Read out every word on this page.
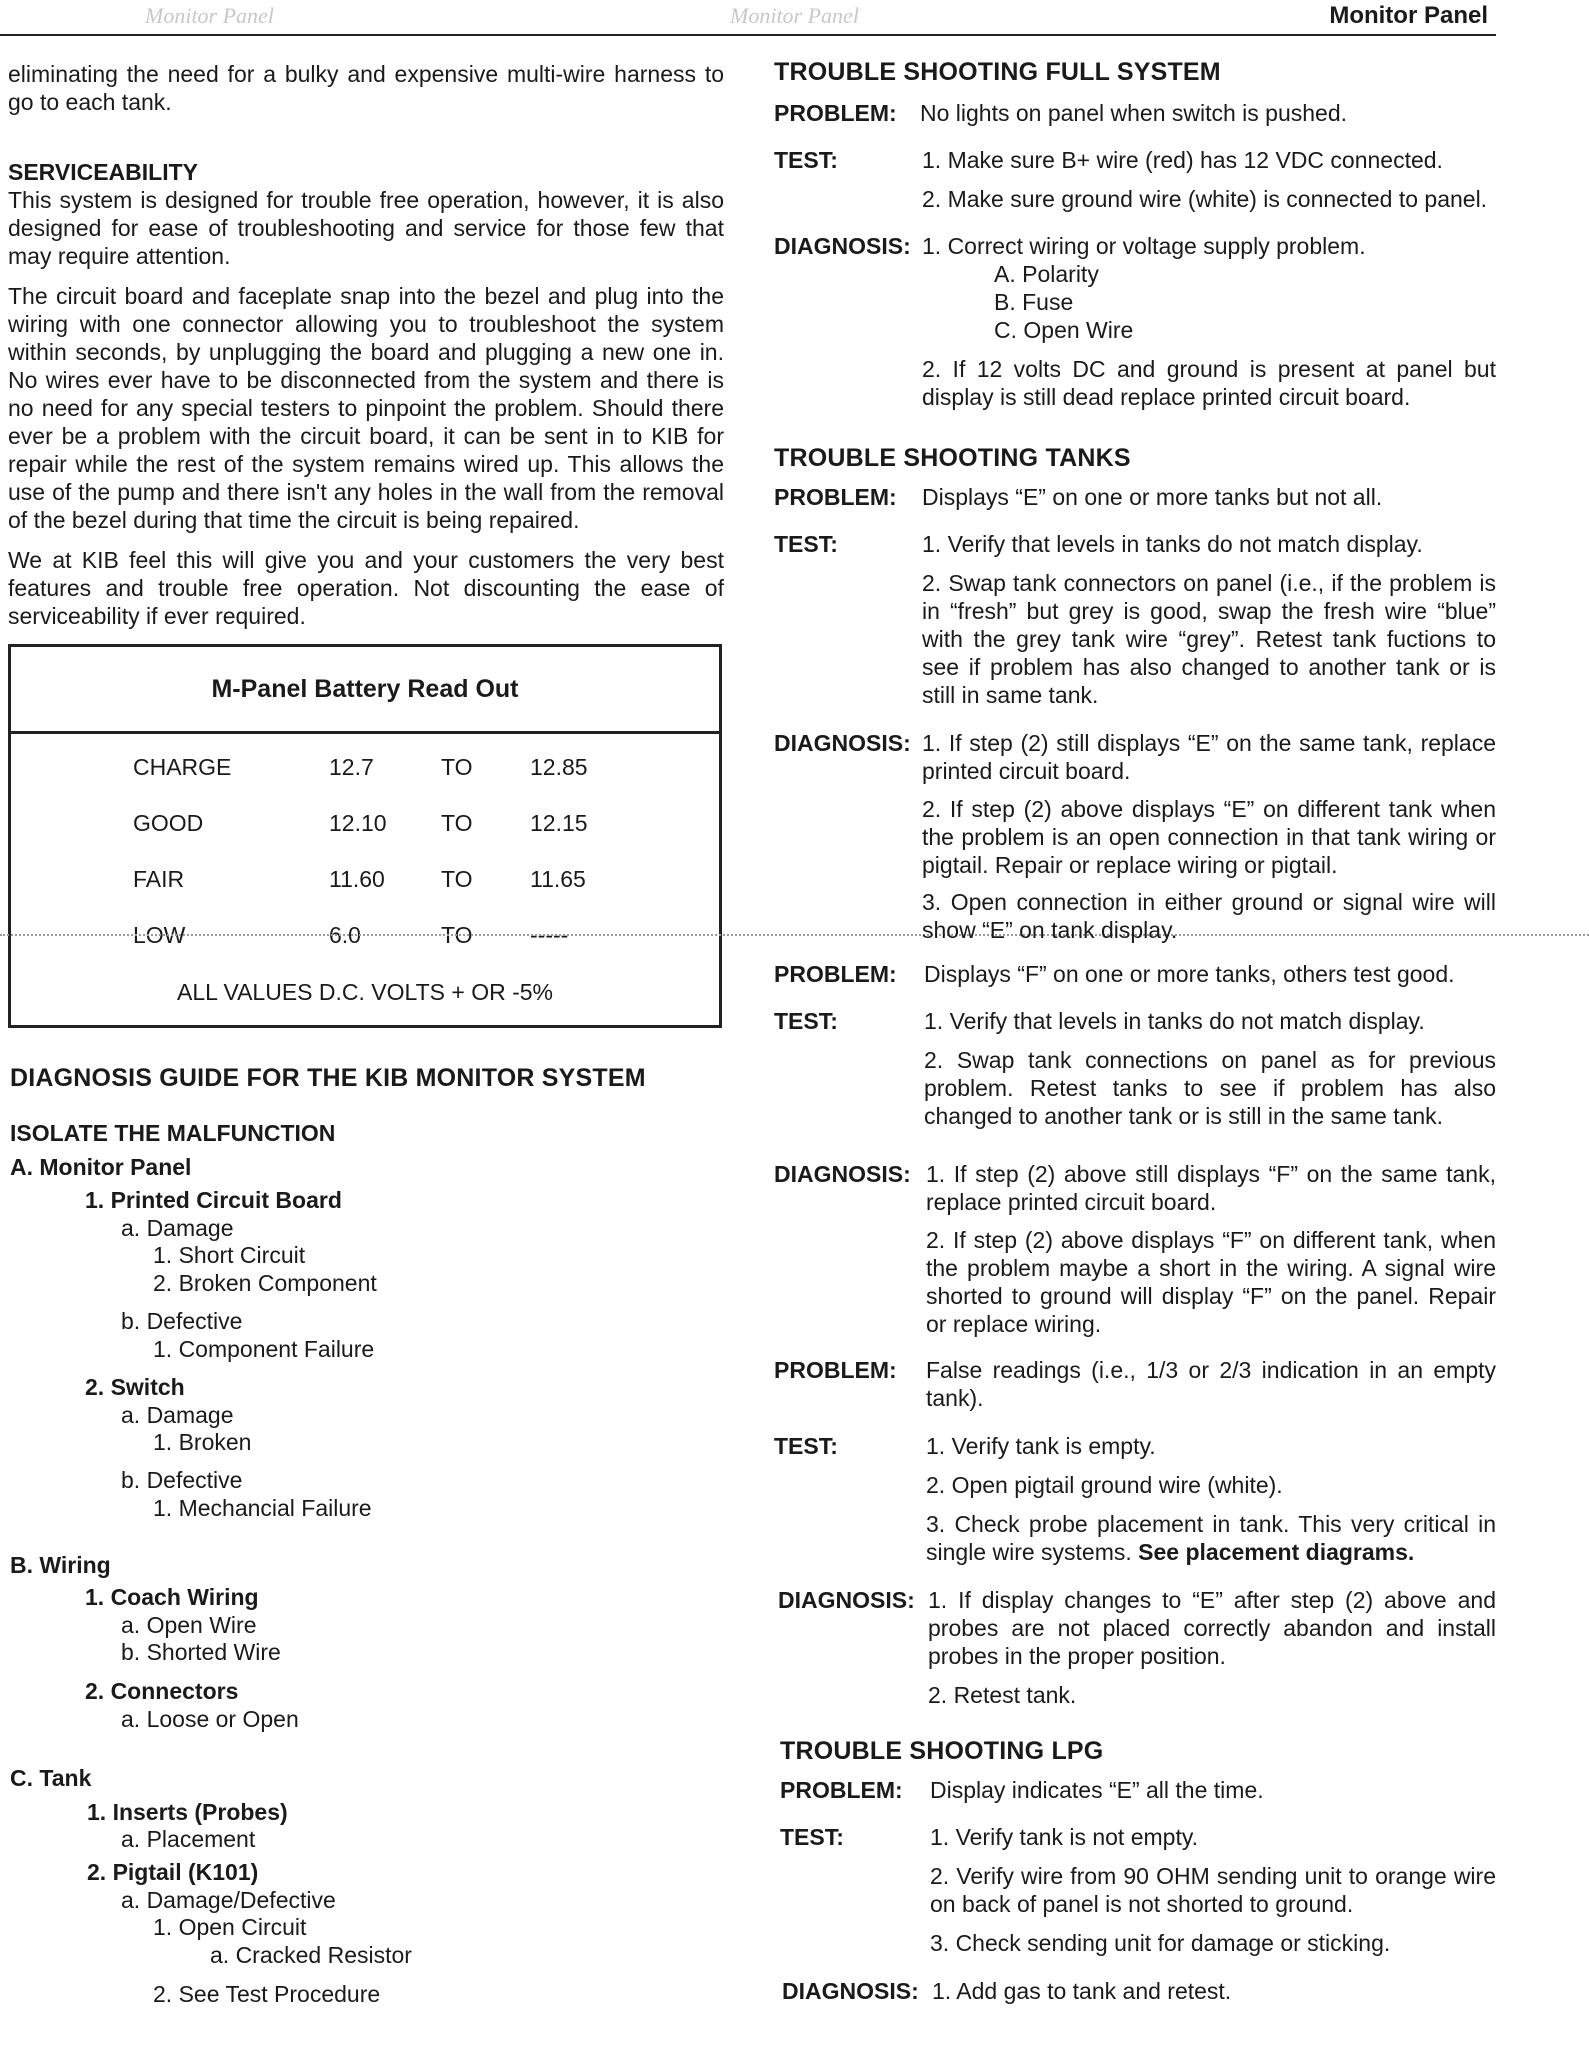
Monitor Panel	Monitor Panel	Monitor Panel

eliminating the need for a bulky and expensive multi-wire harness to go to each tank.

SERVICEABILITY

This system is designed for trouble free operation, however, it is also designed for ease of troubleshooting and service for those few that may require attention.

The circuit board and faceplate snap into the bezel and plug into the wiring with one connector allowing you to troubleshoot the system within seconds, by unplugging the board and plugging a new one in. No wires ever have to be disconnected from the system and there is no need for any special testers to pinpoint the problem. Should there ever be a problem with the circuit board, it can be sent in to KIB for repair while the rest of the system remains wired up. This allows the use of the pump and there isn't any holes in the wall from the removal of the bezel during that time the circuit is being repaired.

We at KIB feel this will give you and your customers the very best features and trouble free operation. Not discounting the ease of serviceability if ever required.

M-Panel Battery Read Out
CHARGE	12.7	TO 12.85
GOOD	12.10 TO 12.15
FAIR	11.60 TO 11.65
LOW	6.0	TO -----
ALL VALUES D.C. VOLTS + OR -5%
DIAGNOSIS GUIDE FOR THE KIB MONITOR SYSTEM
ISOLATE THE MALFUNCTION
A. Monitor Panel
1. Printed Circuit Board
a. Damage
1. Short Circuit
2. Broken Component
b. Defective
1. Component Failure
2. Switch
a. Damage
1. Broken
b. Defective
1. Mechancial Failure
B. Wiring
1. Coach Wiring
a. Open Wire
b. Shorted Wire
2. Connectors
a. Loose or Open
C. Tank
1. Inserts (Probes)
a. Placement
2. Pigtail (K101)
a. Damage/Defective
1. Open Circuit
a. Cracked Resistor
2. See Test Procedure
TROUBLE SHOOTING FULL SYSTEM
PROBLEM: No lights on panel when switch is pushed.
TEST:	1. Make sure B+ wire (red) has 12 VDC connected.
2. Make sure ground wire (white) is connected to panel.
DIAGNOSIS: 1. Correct wiring or voltage supply problem.
A. Polarity
B. Fuse
C. Open Wire
2. If 12 volts DC and ground is present at panel but display is still dead replace printed circuit board.
TROUBLE SHOOTING TANKS
PROBLEM: Displays “E” on one or more tanks but not all.
TEST:	1. Verify that levels in tanks do not match display.
2. Swap tank connectors on panel (i.e., if the problem is in “fresh” but grey is good, swap the fresh wire “blue” with the grey tank wire “grey”. Retest tank fuctions to see if problem has also changed to another tank or is still in same tank.
DIAGNOSIS: 1. If step (2) still displays “E” on the same tank, replace printed circuit board.
2. If step (2) above displays “E” on different tank when the problem is an open connection in that tank wiring or pigtail. Repair or replace wiring or pigtail.
3. Open connection in either ground or signal wire will show “E” on tank display.
PROBLEM: Displays “F” on one or more tanks, others test good.
TEST:	1. Verify that levels in tanks do not match display.
2. Swap tank connections on panel as for previous problem. Retest tanks to see if problem has also changed to another tank or is still in the same tank.
DIAGNOSIS: 1. If step (2) above still displays “F” on the same tank, replace printed circuit board.
2. If step (2) above displays “F” on different tank, when the problem maybe a short in the wiring. A signal wire shorted to ground will display “F” on the panel. Repair or replace wiring.
PROBLEM: False readings (i.e., 1/3 or 2/3 indication in an empty tank).
TEST:	1. Verify tank is empty.
2. Open pigtail ground wire (white).
3. Check probe placement in tank. This very critical in single wire systems. See placement diagrams.
DIAGNOSIS: 1. If display changes to “E” after step (2) above and probes are not placed correctly abandon and install probes in the proper position.
2. Retest tank.
TROUBLE SHOOTING LPG
PROBLEM: Display indicates “E” all the time.
TEST:	1. Verify tank is not empty.
2. Verify wire from 90 OHM sending unit to orange wire on back of panel is not shorted to ground.
3. Check sending unit for damage or sticking.
DIAGNOSIS: 1. Add gas to tank and retest.
